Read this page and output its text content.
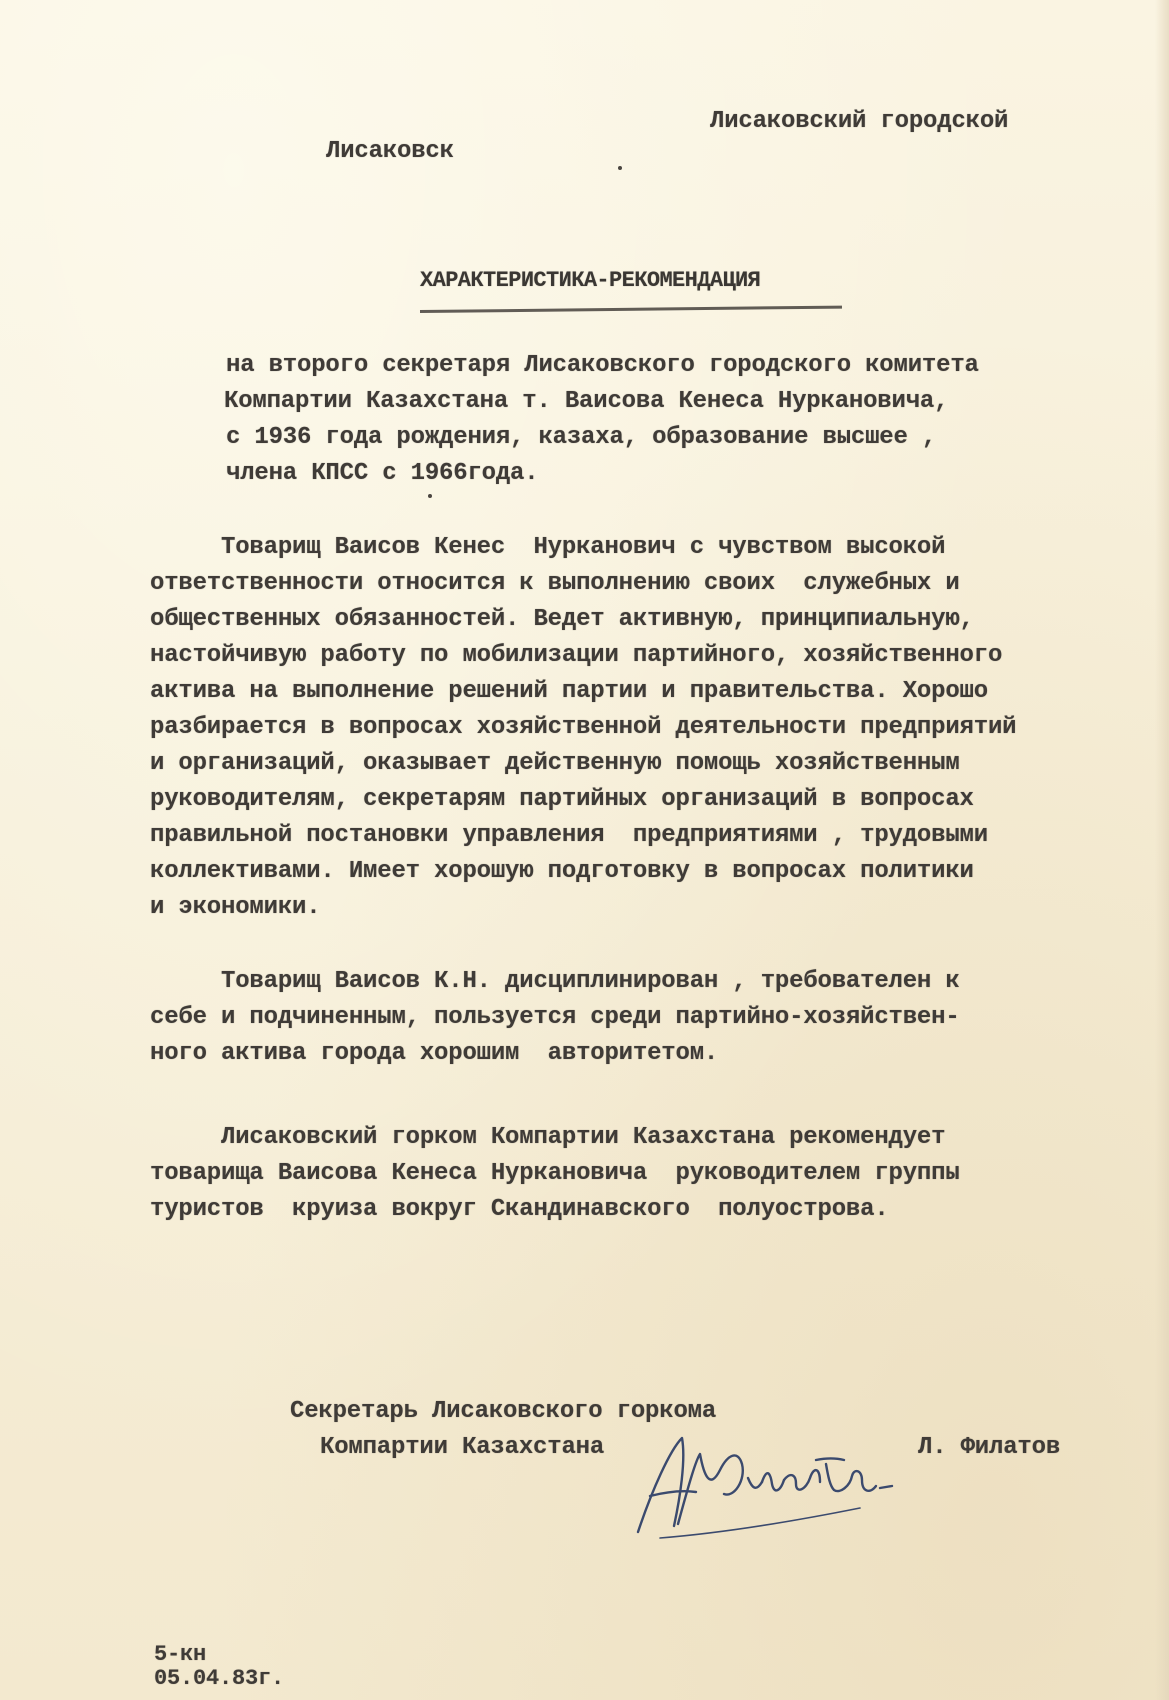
Лисаковский городской
Лисаковск
ХАРАКТЕРИСТИКА-РЕКОМЕНДАЦИЯ
на второго секретаря Лисаковского городского комитета
Компартии Казахстана т. Ваисова Кенеса Нуркановича,
с 1936 года рождения, казаха, образование высшее ,
члена КПСС с 1966года.
Товарищ Ваисов Кенес  Нурканович с чувством высокой
ответственности относится к выполнению своих  служебных и
общественных обязанностей. Ведет активную, принципиальную,
настойчивую работу по мобилизации партийного, хозяйственного
актива на выполнение решений партии и правительства. Хорошо
разбирается в вопросах хозяйственной деятельности предприятий
и организаций, оказывает действенную помощь хозяйственным
руководителям, секретарям партийных организаций в вопросах
правильной постановки управления  предприятиями , трудовыми
коллективами. Имеет хорошую подготовку в вопросах политики
и экономики.
Товарищ Ваисов К.Н. дисциплинирован , требователен к
себе и подчиненным, пользуется среди партийно-хозяйствен-
ного актива города хорошим  авторитетом.
Лисаковский горком Компартии Казахстана рекомендует
товарища Ваисова Кенеса Нуркановича  руководителем группы
туристов  круиза вокруг Скандинавского  полуострова.
Секретарь Лисаковского горкома
Компартии Казахстана	Л. Филатов
5-кн
05.04.83г.
